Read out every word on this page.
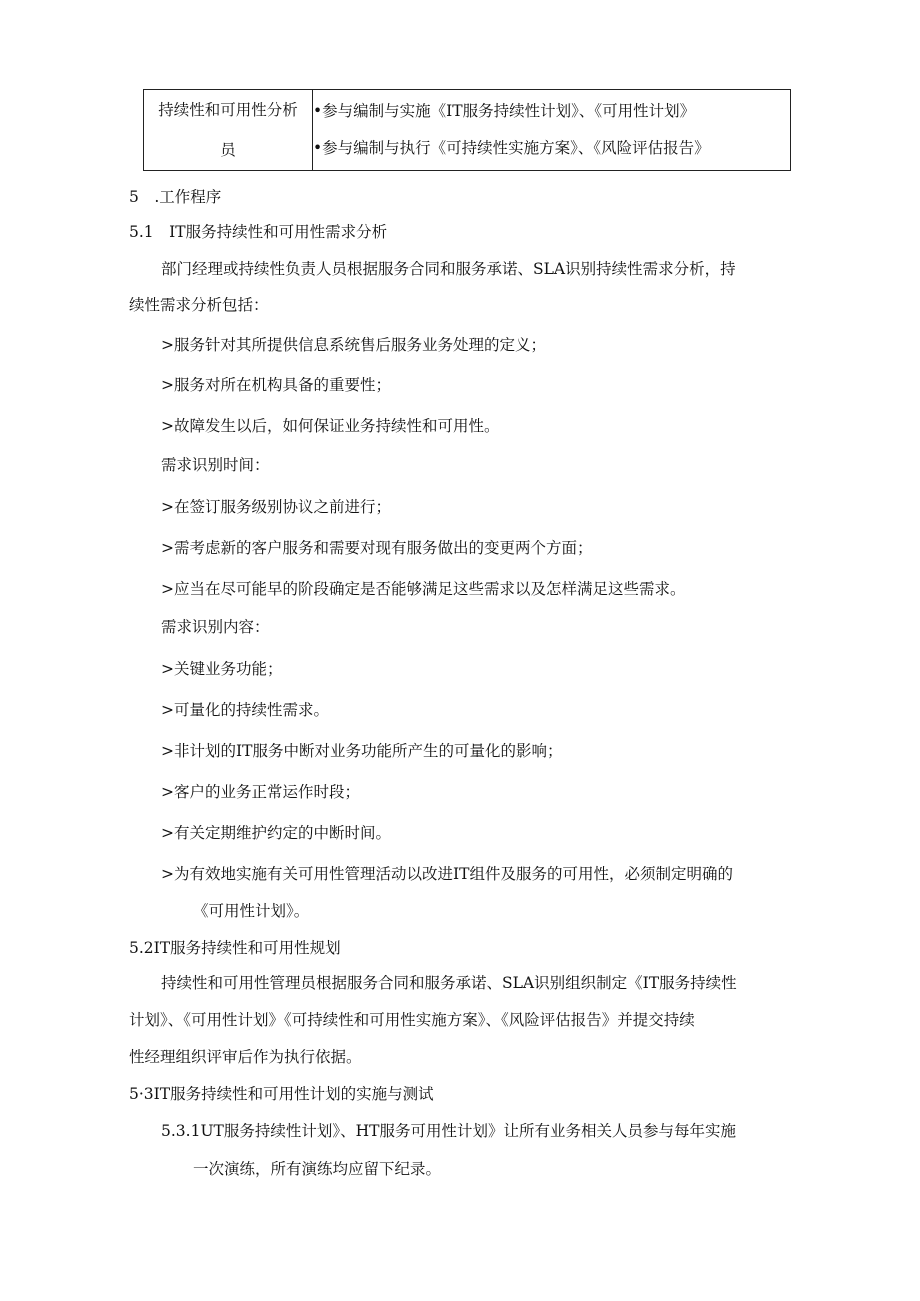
持续性和可用性分析
员

•参与编制与实施《IT服务持续性计划》、《可用性计划》
•参与编制与执行《可持续性实施方案》、《风险评估报告》
5　.工作程序
5.1　IT服务持续性和可用性需求分析
部门经理或持续性负责人员根据服务合同和服务承诺、SLA识别持续性需求分析，持
续性需求分析包括：
>服务针对其所提供信息系统售后服务业务处理的定义；
>服务对所在机构具备的重要性；
>故障发生以后，如何保证业务持续性和可用性。
需求识别时间：
>在签订服务级别协议之前进行；
>需考虑新的客户服务和需要对现有服务做出的变更两个方面；
>应当在尽可能早的阶段确定是否能够满足这些需求以及怎样满足这些需求。
需求识别内容：
>关键业务功能；
>可量化的持续性需求。
>非计划的IT服务中断对业务功能所产生的可量化的影响；
>客户的业务正常运作时段；
>有关定期维护约定的中断时间。
>为有效地实施有关可用性管理活动以改进IT组件及服务的可用性，必须制定明确的
《可用性计划》。
5.2IT服务持续性和可用性规划
持续性和可用性管理员根据服务合同和服务承诺、SLA识别组织制定《IT服务持续性
计划》、《可用性计划》《可持续性和可用性实施方案》、《风险评估报告》并提交持续
性经理组织评审后作为执行依据。
5·3IT服务持续性和可用性计划的实施与测试
5.3.1UT服务持续性计划》、HT服务可用性计划》让所有业务相关人员参与每年实施
一次演练，所有演练均应留下纪录。
